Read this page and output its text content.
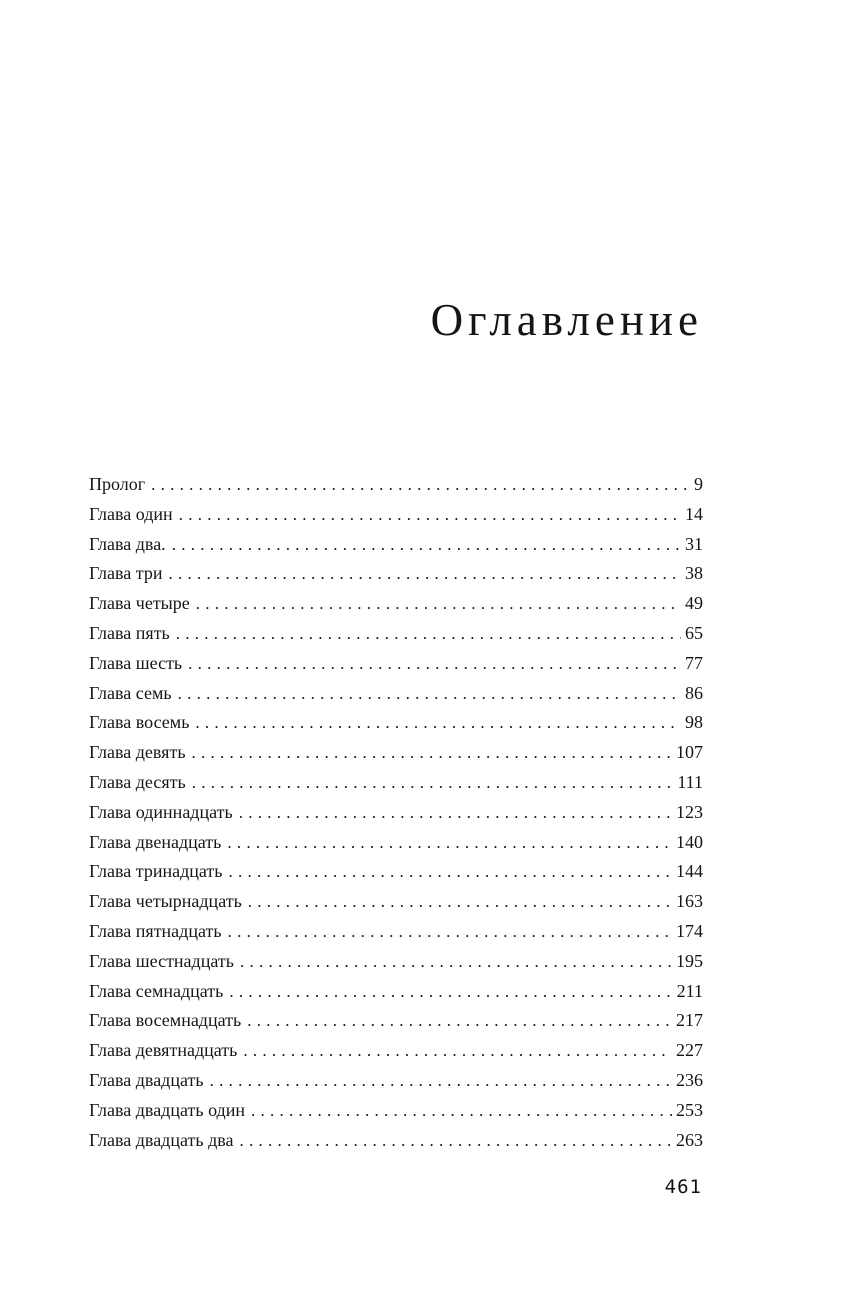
Оглавление
Пролог . . .	9
Глава один . . .	14
Глава два. . . .	31
Глава три . . .	38
Глава четыре . . .	49
Глава пять . . .	65
Глава шесть . . .	77
Глава семь . . .	86
Глава восемь . . .	98
Глава девять . . .	107
Глава десять . . .	111
Глава одиннадцать . . .	123
Глава двенадцать . . .	140
Глава тринадцать . . .	144
Глава четырнадцать . . .	163
Глава пятнадцать . . .	174
Глава шестнадцать . . .	195
Глава семнадцать . . .	211
Глава восемнадцать . . .	217
Глава девятнадцать . . .	227
Глава двадцать . . .	236
Глава двадцать один . . .	253
Глава двадцать два . . .	263
461
